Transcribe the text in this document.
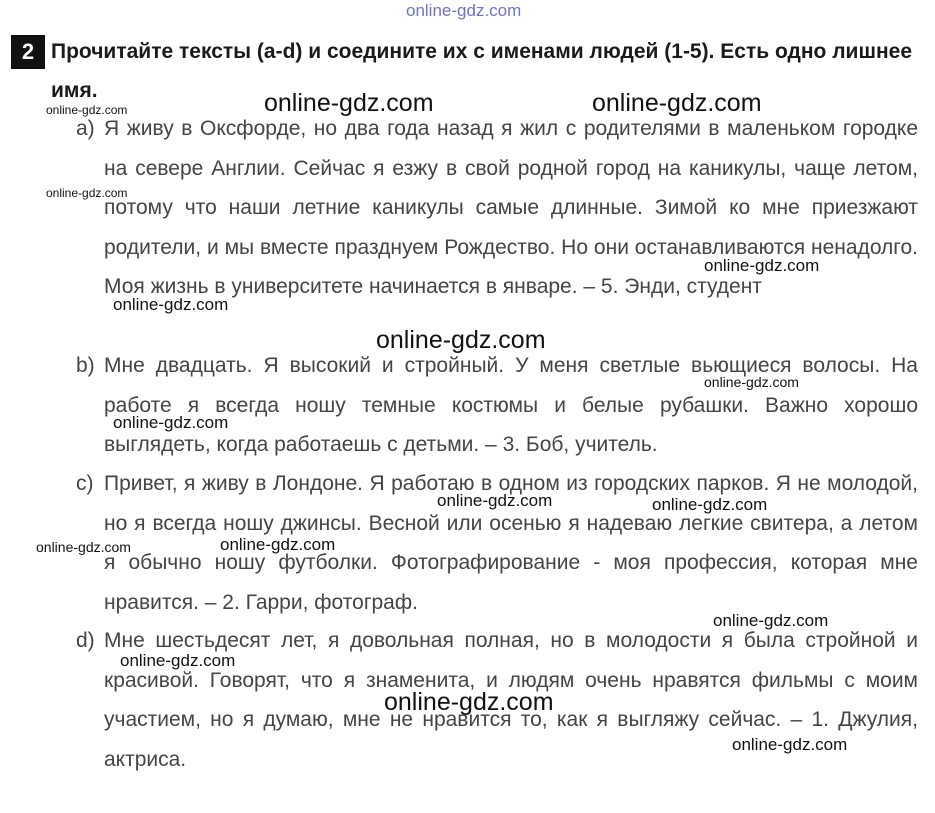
2 Прочитайте тексты (a-d) и соедините их с именами людей (1-5). Есть одно лишнее имя.
a) Я живу в Оксфорде, но два года назад я жил с родителями в маленьком городке на севере Англии. Сейчас я езжу в свой родной город на каникулы, чаще летом, потому что наши летние каникулы самые длинные. Зимой ко мне приезжают родители, и мы вместе празднуем Рождество. Но они останавливаются ненадолго. Моя жизнь в университете начинается в январе. – 5. Энди, студент
b) Мне двадцать. Я высокий и стройный. У меня светлые вьющиеся волосы. На работе я всегда ношу темные костюмы и белые рубашки. Важно хорошо выглядеть, когда работаешь с детьми. – 3. Боб, учитель.
c) Привет, я живу в Лондоне. Я работаю в одном из городских парков. Я не молодой, но я всегда ношу джинсы. Весной или осенью я надеваю легкие свитера, а летом я обычно ношу футболки. Фотографирование - моя профессия, которая мне нравится. – 2. Гарри, фотограф.
d) Мне шестьдесят лет, я довольная полная, но в молодости я была стройной и красивой. Говорят, что я знаменита, и людям очень нравятся фильмы с моим участием, но я думаю, мне не нравится то, как я выгляжу сейчас. – 1. Джулия, актриса.
online-gdz.com
online-gdz.com	online-gdz.com
online-gdz.com
online-gdz.com
online-gdz.com
online-gdz.com
online-gdz.com
online-gdz.com
online-gdz.com
online-gdz.com	online-gdz.com
online-gdz.com
online-gdz.com
online-gdz.com
online-gdz.com
online-gdz.com
online-gdz.com
